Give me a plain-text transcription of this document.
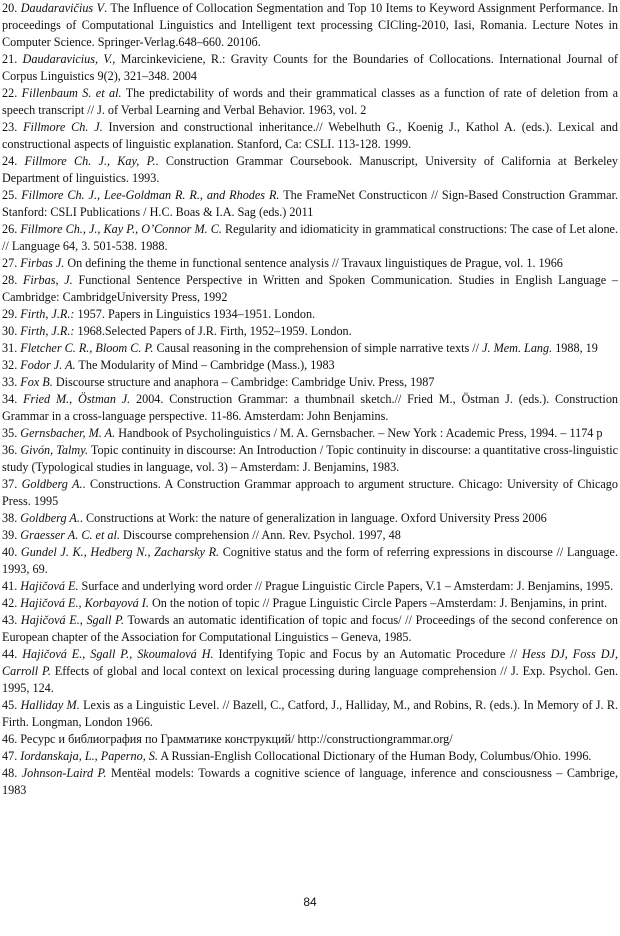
20. Daudaravičius V. The Influence of Collocation Segmentation and Top 10 Items to Keyword Assignment Performance. In proceedings of Computational Linguistics and Intelligent text processing CICling-2010, Iasi, Romania. Lecture Notes in Computer Science. Springer-Verlag.648–660. 2010б.

21. Daudaravicius, V., Marcinkeviciene, R.: Gravity Counts for the Boundaries of Collocations. International Journal of Corpus Linguistics 9(2), 321–348. 2004

22. Fillenbaum S. et al. The predictability of words and their grammatical classes as a function of rate of deletion from a speech transcript // J. of Verbal Learning and Verbal Behavior. 1963, vol. 2

23. Fillmore Ch. J. Inversion and constructional inheritance.// Webelhuth G., Koenig J., Kathol A. (eds.). Lexical and constructional aspects of linguistic explanation. Stanford, Ca: CSLI. 113-128. 1999.

24. Fillmore Ch. J., Kay, P.. Construction Grammar Coursebook. Manuscript, University of California at Berkeley Department of linguistics. 1993.

25. Fillmore Ch. J., Lee-Goldman R. R., and Rhodes R. The FrameNet Constructicon // Sign-Based Construction Grammar. Stanford: CSLI Publications / H.C. Boas & I.A. Sag (eds.) 2011

26. Fillmore Ch., J., Kay P., O’Connor M. C. Regularity and idiomaticity in grammatical constructions: The case of Let alone. // Language 64, 3. 501-538. 1988.

27. Firbas J. On defining the theme in functional sentence analysis // Travaux linguistiques de Prague, vol. 1. 1966

28. Firbas, J. Functional Sentence Perspective in Written and Spoken Communication. Studies in English Language – Cambridge: CambridgeUniversity Press, 1992

29. Firth, J.R.: 1957. Papers in Linguistics 1934–1951. London.

30. Firth, J.R.: 1968.Selected Papers of J.R. Firth, 1952–1959. London.

31. Fletcher C. R., Bloom C. P. Causal reasoning in the comprehension of simple narrative texts // J. Mem. Lang. 1988, 19

32. Fodor J. A. The Modularity of Mind – Cambridge (Mass.), 1983

33. Fox B. Discourse structure and anaphora – Cambridge: Cambridge Univ. Press, 1987

34. Fried M., Östman J. 2004. Construction Grammar: a thumbnail sketch.// Fried M., Östman J. (eds.). Construction Grammar in a cross-language perspective. 11-86. Amsterdam: John Benjamins.

35. Gernsbacher, M. A. Handbook of Psycholinguistics / M. A. Gernsbacher. – New York : Academic Press, 1994. – 1174 p

36. Givón, Talmy. Topic continuity in discourse: An Introduction / Topic continuity in discourse: a quantitative cross-linguistic study (Typological studies in language, vol. 3) – Amsterdam: J. Benjamins, 1983.

37. Goldberg A.. Constructions. A Construction Grammar approach to argument structure. Chicago: University of Chicago Press. 1995

38. Goldberg A.. Constructions at Work: the nature of generalization in language. Oxford University Press 2006

39. Graesser A. C. et al. Discourse comprehension // Ann. Rev. Psychol. 1997, 48

40. Gundel J. K., Hedberg N., Zacharsky R. Cognitive status and the form of referring expressions in discourse // Language. 1993, 69.

41. Hajičová E. Surface and underlying word order // Prague Linguistic Circle Papers, V.1 – Amsterdam: J. Benjamins, 1995.

42. Hajičová E., Korbayová I. On the notion of topic // Prague Linguistic Circle Papers –Amsterdam: J. Benjamins, in print.

43. Hajičová E., Sgall P. Towards an automatic identification of topic and focus/ // Proceedings of the second conference on European chapter of the Association for Computational Linguistics – Geneva, 1985.

44. Hajičová E., Sgall P., Skoumalová H. Identifying Topic and Focus by an Automatic Procedure // Hess DJ, Foss DJ, Carroll P. Effects of global and local context on lexical processing during language comprehension // J. Exp. Psychol. Gen. 1995, 124.

45. Halliday M. Lexis as a Linguistic Level. // Bazell, C., Catford, J., Halliday, M., and Robins, R. (eds.). In Memory of J. R. Firth. Longman, London 1966.

46. Ресурс и библиография по Грамматике конструкций/ http://constructiongrammar.org/

47. Iordanskaja, L., Paperno, S. A Russian-English Collocational Dictionary of the Human Body, Columbus/Ohio. 1996.

48. Johnson-Laird P. Mentëal models: Towards a cognitive science of language, inference and consciousness – Cambrige, 1983

84
